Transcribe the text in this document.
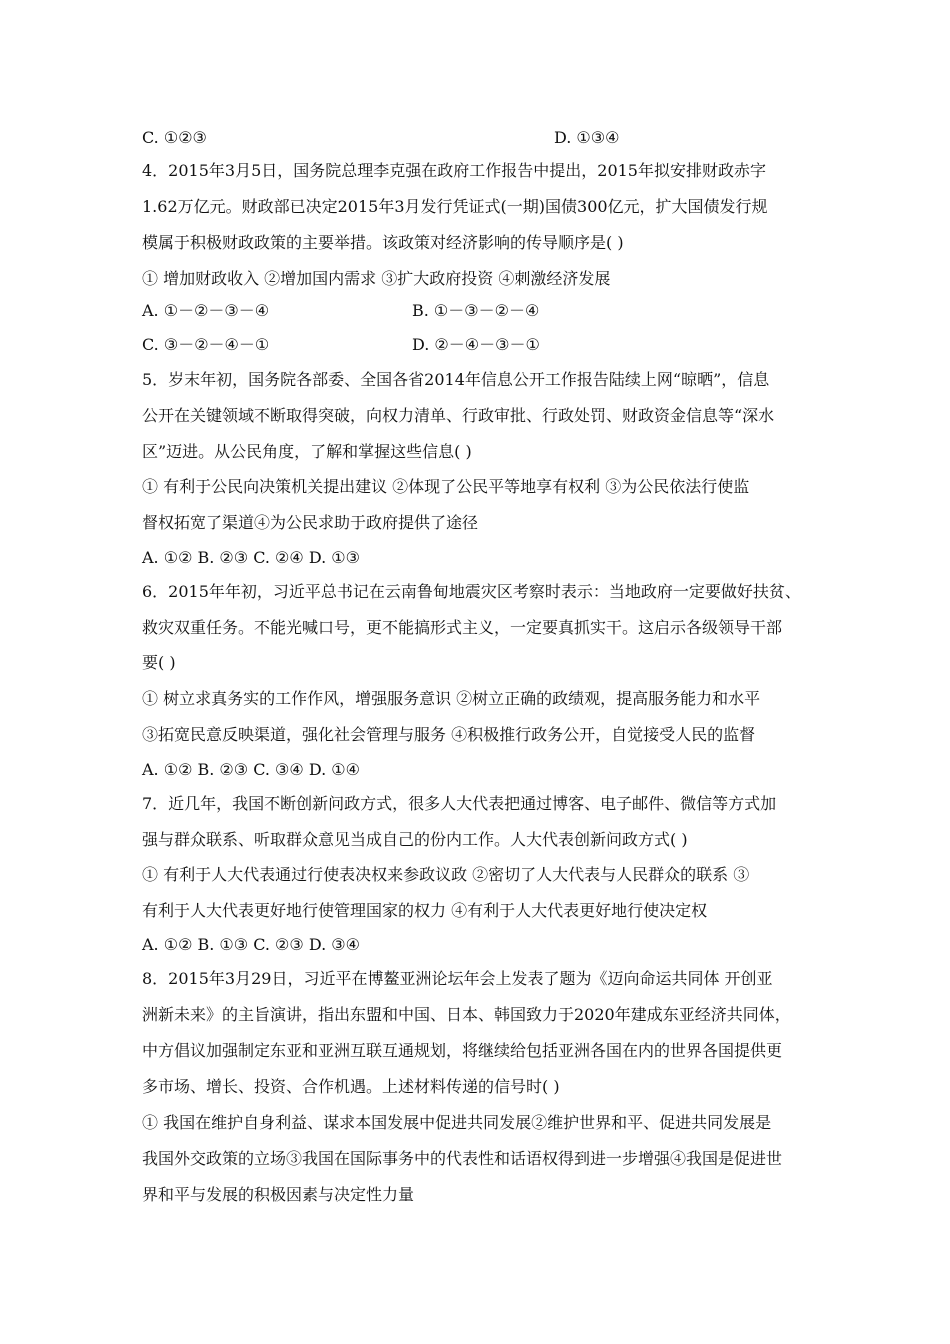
C. ①②③	D. ①③④
4．2015年3月5日，国务院总理李克强在政府工作报告中提出，2015年拟安排财政赤字
1.62万亿元。财政部已决定2015年3月发行凭证式(一期)国债300亿元，扩大国债发行规
模属于积极财政政策的主要举措。该政策对经济影响的传导顺序是( )
① 增加财政收入 ②增加国内需求 ③扩大政府投资 ④刺激经济发展
A. ①－②－③－④	B. ①－③－②－④
C. ③－②－④－①	D. ②－④－③－①
5．岁末年初，国务院各部委、全国各省2014年信息公开工作报告陆续上网“晾晒”，信息
公开在关键领域不断取得突破，向权力清单、行政审批、行政处罚、财政资金信息等“深水
区”迈进。从公民角度，了解和掌握这些信息( )
① 有利于公民向决策机关提出建议 ②体现了公民平等地享有权利 ③为公民依法行使监
督权拓宽了渠道④为公民求助于政府提供了途径
A. ①② B. ②③ C. ②④ D. ①③
6．2015年年初，习近平总书记在云南鲁甸地震灾区考察时表示：当地政府一定要做好扶贫、
救灾双重任务。不能光喊口号，更不能搞形式主义，一定要真抓实干。这启示各级领导干部
要( )
① 树立求真务实的工作作风，增强服务意识 ②树立正确的政绩观，提高服务能力和水平
③拓宽民意反映渠道，强化社会管理与服务 ④积极推行政务公开，自觉接受人民的监督
A. ①② B. ②③ C. ③④ D. ①④
7．近几年，我国不断创新问政方式，很多人大代表把通过博客、电子邮件、微信等方式加
强与群众联系、听取群众意见当成自己的份内工作。人大代表创新问政方式( )
① 有利于人大代表通过行使表决权来参政议政 ②密切了人大代表与人民群众的联系 ③
有利于人大代表更好地行使管理国家的权力 ④有利于人大代表更好地行使决定权
A. ①② B. ①③ C. ②③ D. ③④
8．2015年3月29日，习近平在博鳌亚洲论坛年会上发表了题为《迈向命运共同体 开创亚
洲新未来》的主旨演讲，指出东盟和中国、日本、韩国致力于2020年建成东亚经济共同体，
中方倡议加强制定东亚和亚洲互联互通规划，将继续给包括亚洲各国在内的世界各国提供更
多市场、增长、投资、合作机遇。上述材料传递的信号时( )
① 我国在维护自身利益、谋求本国发展中促进共同发展②维护世界和平、促进共同发展是
我国外交政策的立场③我国在国际事务中的代表性和话语权得到进一步增强④我国是促进世
界和平与发展的积极因素与决定性力量
